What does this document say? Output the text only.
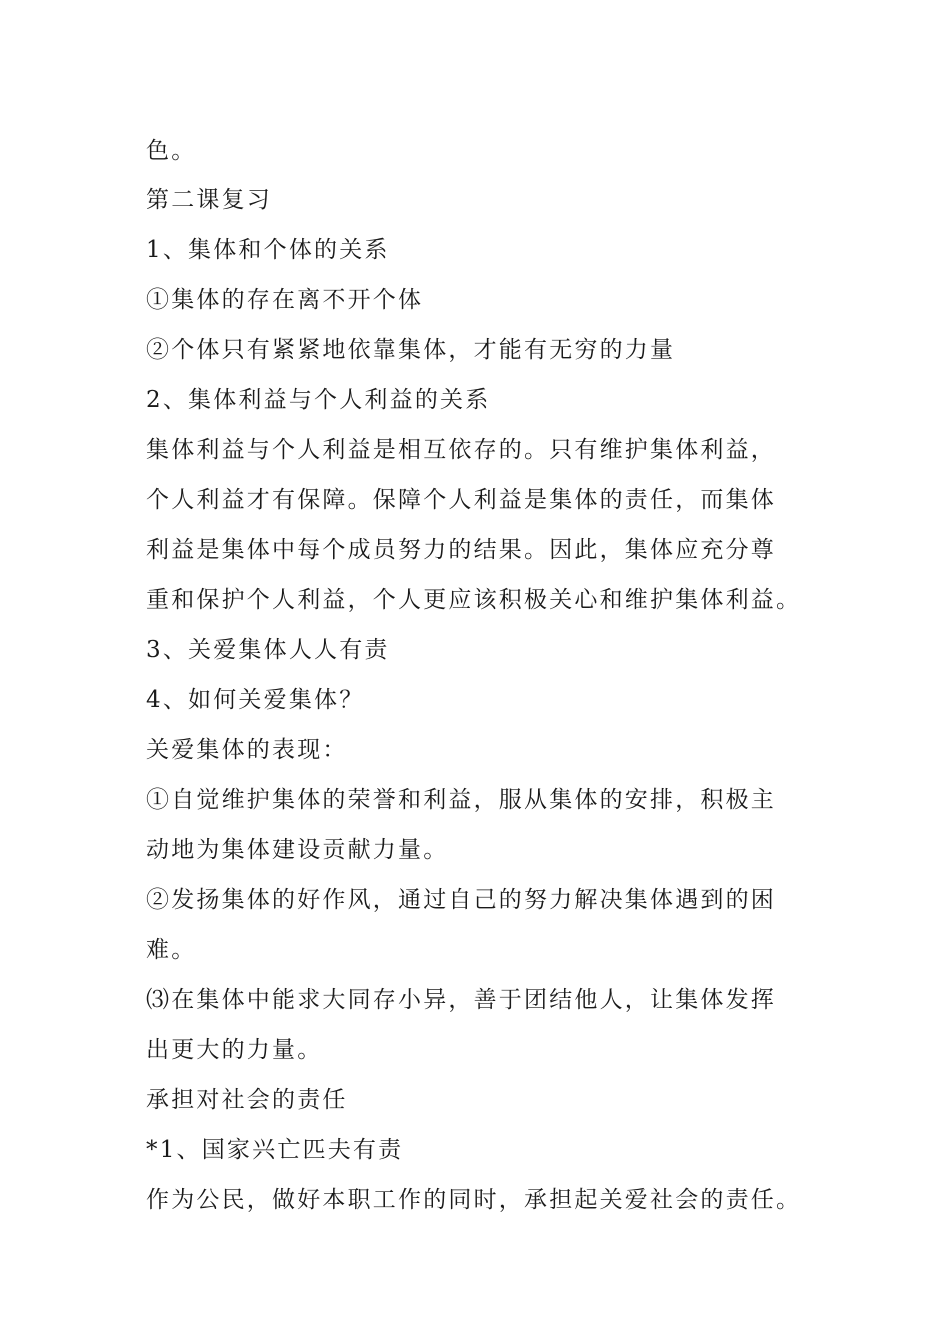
色。
第二课复习
1、集体和个体的关系
①集体的存在离不开个体
②个体只有紧紧地依靠集体，才能有无穷的力量
2、集体利益与个人利益的关系
集体利益与个人利益是相互依存的。只有维护集体利益，
个人利益才有保障。保障个人利益是集体的责任，而集体
利益是集体中每个成员努力的结果。因此，集体应充分尊
重和保护个人利益，个人更应该积极关心和维护集体利益。
3、关爱集体人人有责
4、如何关爱集体？
关爱集体的表现：
①自觉维护集体的荣誉和利益，服从集体的安排，积极主
动地为集体建设贡献力量。
②发扬集体的好作风，通过自己的努力解决集体遇到的困
难。
⑶在集体中能求大同存小异，善于团结他人，让集体发挥
出更大的力量。
承担对社会的责任
*1、国家兴亡匹夫有责
作为公民，做好本职工作的同时，承担起关爱社会的责任。
